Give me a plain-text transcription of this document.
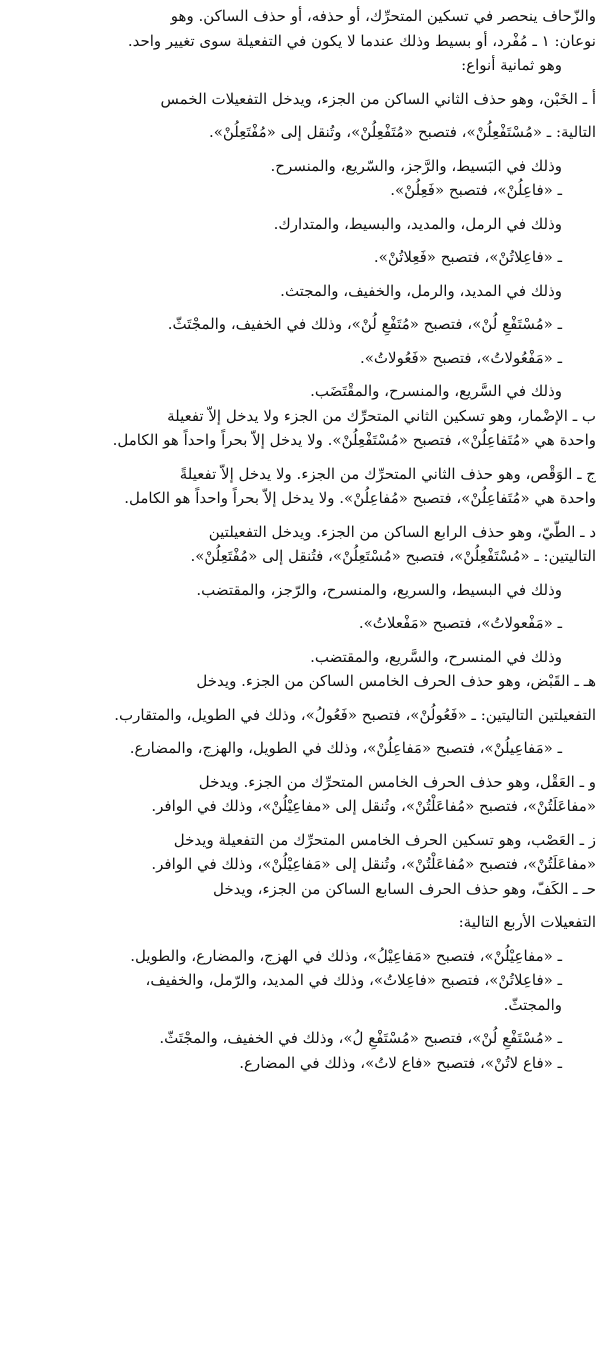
والزّحاف ينحصر في تسكين المتحرِّك، أو حذفه، أو حذف الساكن. وهو
نوعان: ١ ـ مُفْرد، أو بسيط وذلك عندما لا يكون في التفعيلة سوى تغيير واحد.
وهو ثمانية أنواع:
أ ـ الخَبْن، وهو حذف الثاني الساكن من الجزء، ويدخل التفعيلات الخمس
التالية: ـ «مُسْتَفْعِلُنْ»، فتصبح «مُتَفْعِلُنْ»، وتُنقل إلى «مُفْتَعِلُنْ».
وذلك في البَسيط، والرَّجز، والسّريع، والمنسرح.
ـ «فاعِلُنْ»، فتصبح «فَعِلُنْ».
وذلك في الرمل، والمديد، والبسيط، والمتدارك.
ـ «فاعِلاتُنْ»، فتصبح «فَعِلاتُنْ».
وذلك في المديد، والرمل، والخفيف، والمجتث.
ـ «مُسْتَفْعِ لُنْ»، فتصبح «مُتَفْعِ لُنْ»، وذلك في الخفيف، والمجْتَثّ.
ـ «مَفْعُولاتُ»، فتصبح «فَعُولاتُ».
وذلك في السَّريع، والمنسرح، والمقْتَضَب.
ب ـ الإضْمار، وهو تسكين الثاني المتحرِّك من الجزء ولا يدخل إلاّ تفعيلة
واحدة هي «مُتَفاعِلُنْ»، فتصبح «مُسْتَفْعِلُنْ». ولا يدخل إلاّ بحراً واحداً هو الكامل.
ج ـ الوَقْص، وهو حذف الثاني المتحرِّك من الجزء. ولا يدخل إلاّ تفعيلةً
واحدة هي «مُتَفاعِلُنْ»، فتصبح «مُفاعِلُنْ». ولا يدخل إلاّ بحراً واحداً هو الكامل.
د ـ الطّيّ، وهو حذف الرابع الساكن من الجزء. ويدخل التفعيلتين
التاليتين: ـ «مُسْتَفْعِلُنْ»، فتصبح «مُسْتَعِلُنْ»، فتُنقل إلى «مُفْتَعِلُنْ».
وذلك في البسيط، والسريع، والمنسرح، والرّجز، والمقتضب.
ـ «مَفْعولاتُ»، فتصبح «مَفْعلاتُ».
وذلك في المنسرح، والسَّريع، والمقتضب.
هـ ـ القَبْض، وهو حذف الحرف الخامس الساكن من الجزء. ويدخل
التفعيلتين التاليتين: ـ «فَعُولُنْ»، فتصبح «فَعُولُ»، وذلك في الطويل، والمتقارب.
ـ «مَفاعِيلُنْ»، فتصبح «مَفاعِلُنْ»، وذلك في الطويل، والهزج، والمضارع.
و ـ العَقْل، وهو حذف الحرف الخامس المتحرِّك من الجزء. ويدخل
«مفاعَلَتُنْ»، فتصبح «مُفاعَلْتُنْ»، وتُنقل إلى «مفاعِيْلُنْ»، وذلك في الوافر.
ز ـ العَصْب، وهو تسكين الحرف الخامس المتحرِّك من التفعيلة ويدخل
«مفاعَلَتُنْ»، فتصبح «مُفاعَلْتُنْ»، وتُنقل إلى «مَفاعِيْلُنْ»، وذلك في الوافر.
حـ ـ الكَفّ، وهو حذف الحرف السابع الساكن من الجزء، ويدخل
التفعيلات الأربع التالية:
ـ «مفاعِيْلُنْ»، فتصبح «مَفاعِيْلُ»، وذلك في الهزج، والمضارع، والطويل.
ـ «فاعِلاتُنْ»، فتصبح «فاعِلاتُ»، وذلك في المديد، والرّمل، والخفيف،
والمجتثّ.
ـ «مُسْتَفْعِ لُنْ»، فتصبح «مُسْتَفْعِ لُ»، وذلك في الخفيف، والمجْتَثّ.
ـ «فاع لاتُنْ»، فتصبح «فاع لاتُ»، وذلك في المضارع.
